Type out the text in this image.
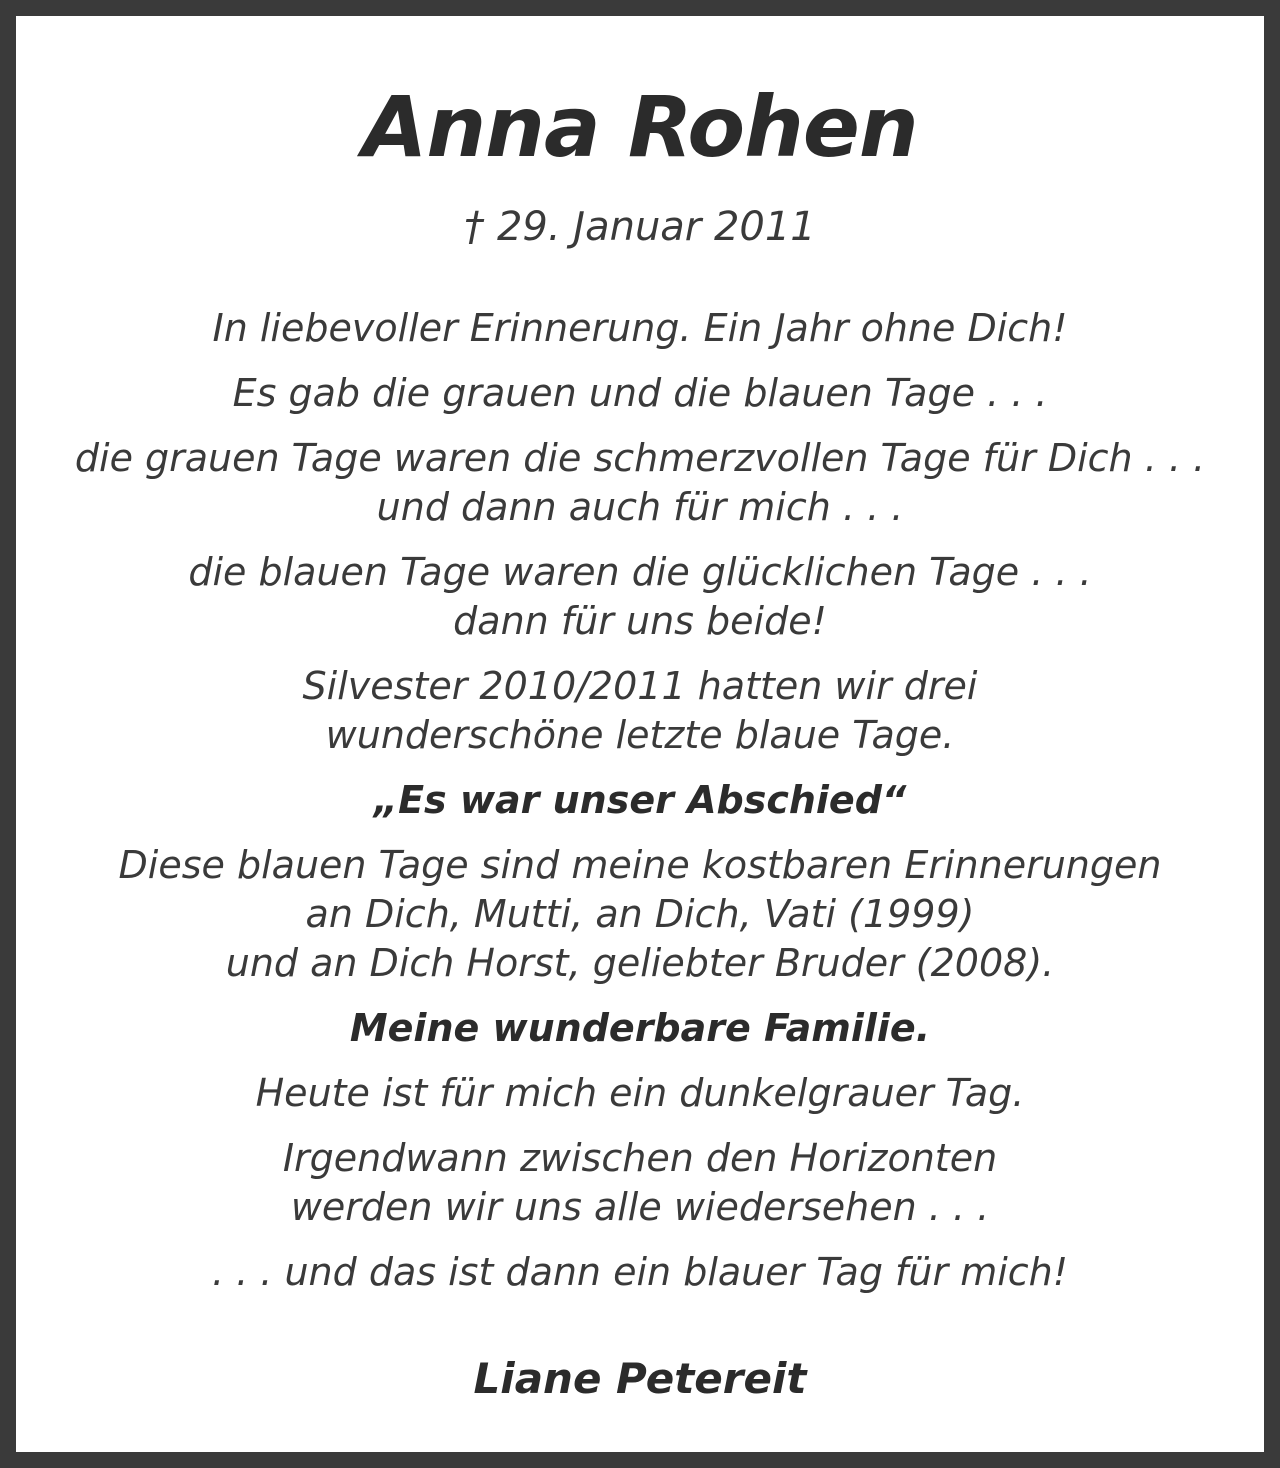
Anna Rohen
† 29. Januar 2011

In liebevoller Erinnerung. Ein Jahr ohne Dich!

Es gab die grauen und die blauen Tage . . .

die grauen Tage waren die schmerzvollen Tage für Dich . . .
und dann auch für mich . . .

die blauen Tage waren die glücklichen Tage . . .
dann für uns beide!

Silvester 2010/2011 hatten wir drei
wunderschöne letzte blaue Tage.

„Es war unser Abschied“

Diese blauen Tage sind meine kostbaren Erinnerungen
an Dich, Mutti, an Dich, Vati (1999)
und an Dich Horst, geliebter Bruder (2008).

Meine wunderbare Familie.

Heute ist für mich ein dunkelgrauer Tag.

Irgendwann zwischen den Horizonten
werden wir uns alle wiedersehen . . .

. . . und das ist dann ein blauer Tag für mich!

Liane Petereit
